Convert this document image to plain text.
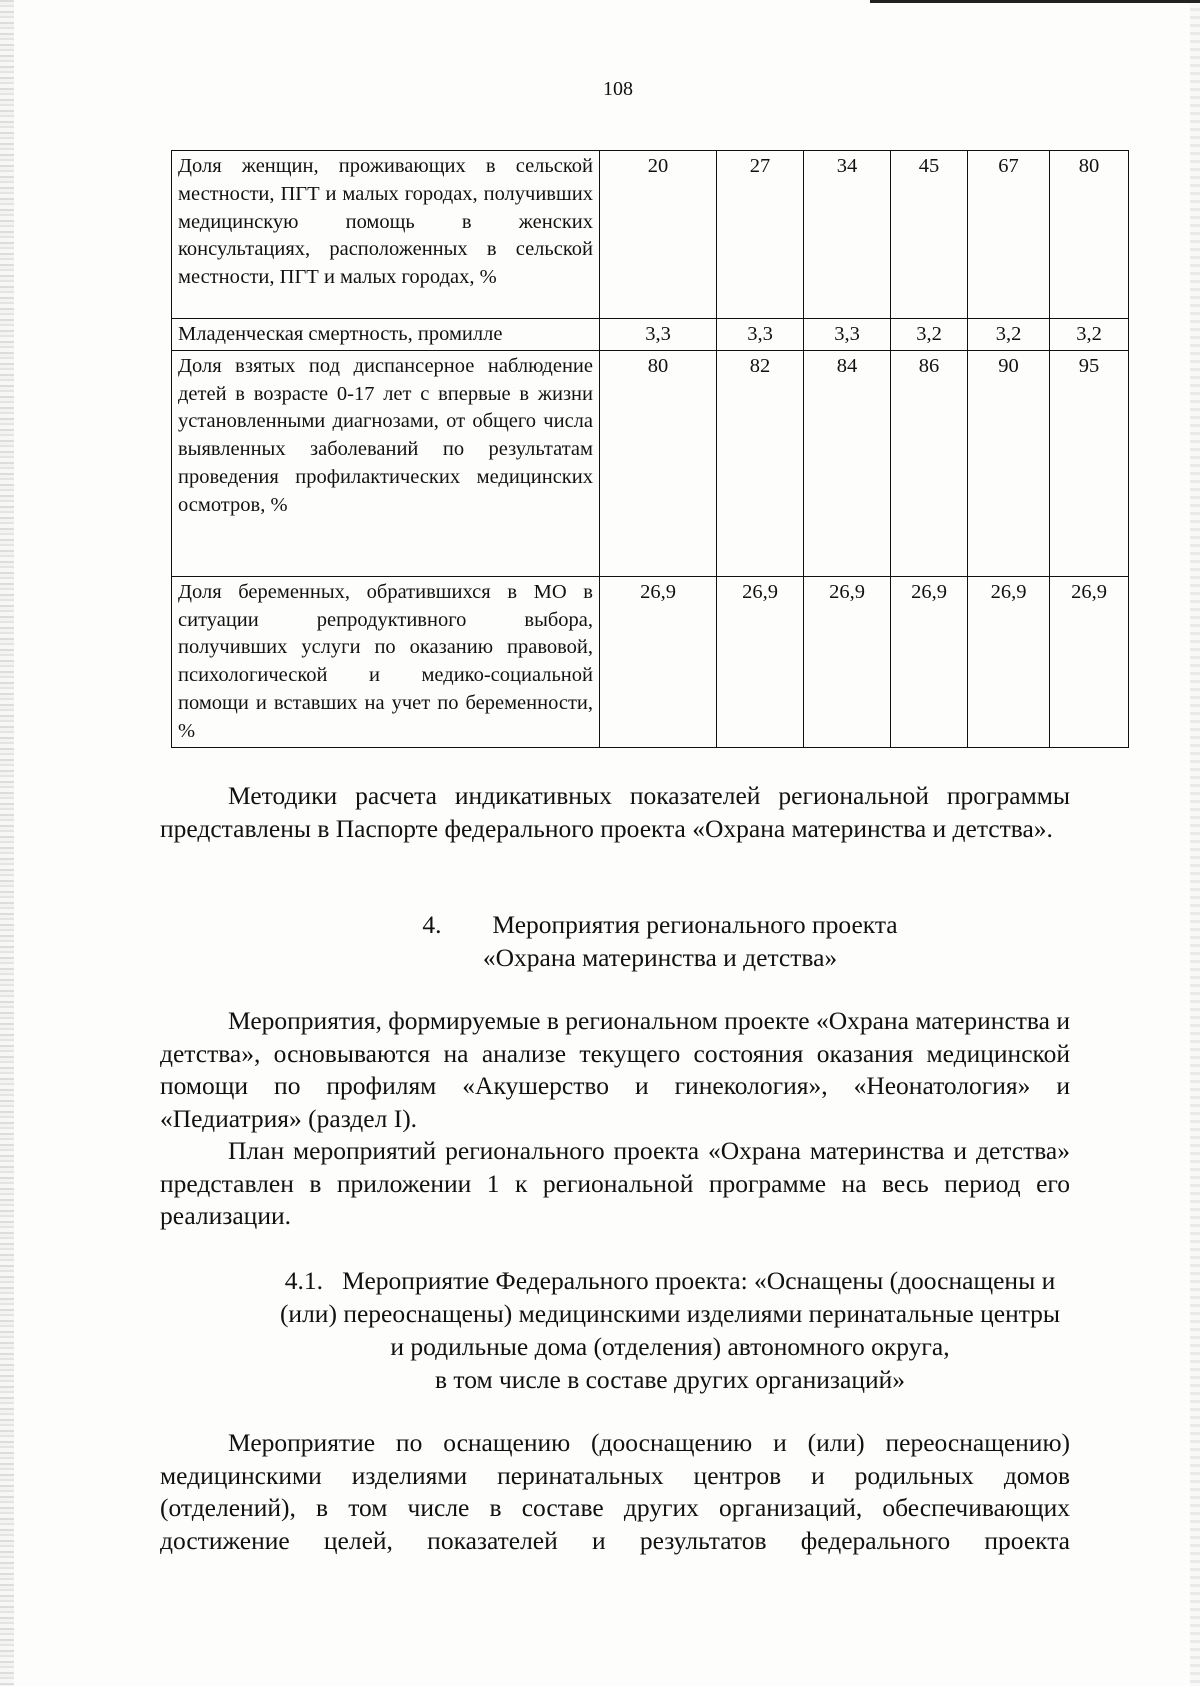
108
Доля женщин, проживающих в сельской местности, ПГТ и малых городах, получивших медицинскую помощь в женских консультациях, расположенных в сельской местности, ПГТ и малых городах, %	20	27	34	45	67	80
Младенческая смертность, промилле	3,3	3,3	3,3	3,2	3,2	3,2
Доля взятых под диспансерное наблюдение детей в возрасте 0-17 лет с впервые в жизни установленными диагнозами, от общего числа выявленных заболеваний по результатам проведения профилактических медицинских осмотров, %	80	82	84	86	90	95
Доля беременных, обратившихся в МО в ситуации репродуктивного выбора, получивших услуги по оказанию правовой, психологической и медико-социальной помощи и вставших на учет по беременности, %	26,9	26,9	26,9	26,9	26,9	26,9

Методики расчета индикативных показателей региональной программы представлены в Паспорте федерального проекта «Охрана материнства и детства».

4. Мероприятия регионального проекта
«Охрана материнства и детства»

Мероприятия, формируемые в региональном проекте «Охрана материнства и детства», основываются на анализе текущего состояния оказания медицинской помощи по профилям «Акушерство и гинекология», «Неонатология» и «Педиатрия» (раздел I).

План мероприятий регионального проекта «Охрана материнства и детства» представлен в приложении 1 к региональной программе на весь период его реализации.

4.1. Мероприятие Федерального проекта: «Оснащены (дооснащены и
(или) переоснащены) медицинскими изделиями перинатальные центры
и родильные дома (отделения) автономного округа,
в том числе в составе других организаций»

Мероприятие по оснащению (дооснащению и (или) переоснащению) медицинскими изделиями перинатальных центров и родильных домов (отделений), в том числе в составе других организаций, обеспечивающих достижение целей, показателей и результатов федерального проекта
